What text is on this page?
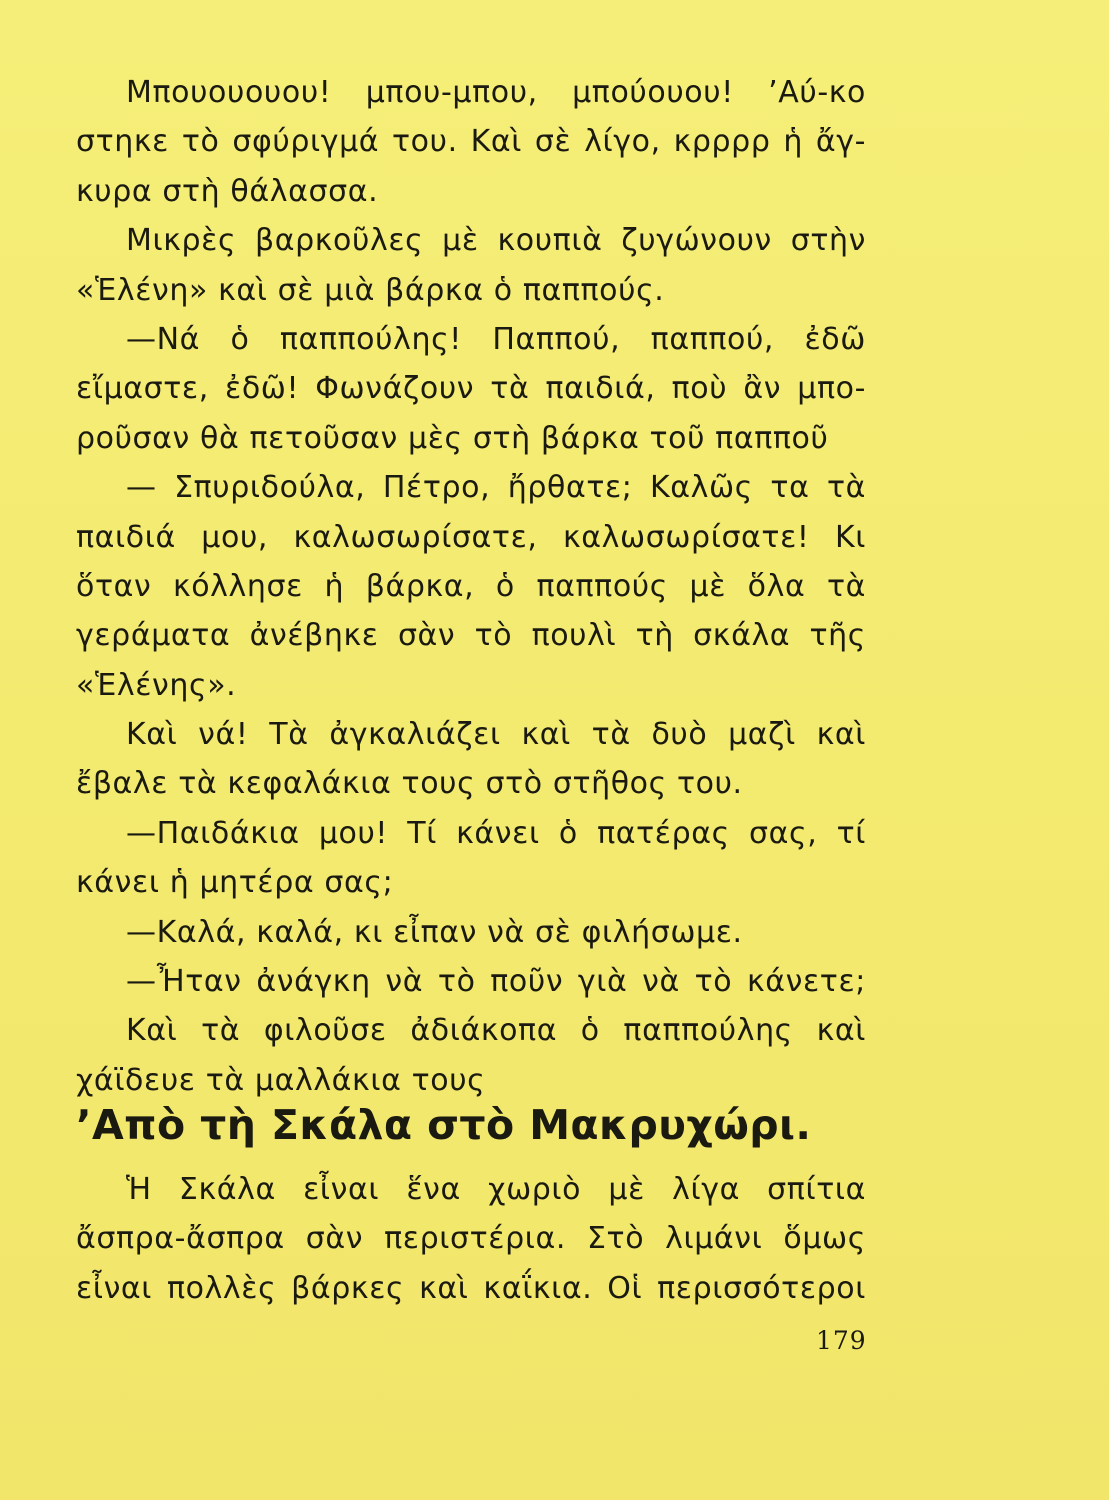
Μπουουουου! μπου-μπου, μπούουου! ’Αύ-κο
στηκε τὸ σφύριγμά του. Καὶ σὲ λίγο, κρρρρ ἡ ἄγ-
κυρα στὴ θάλασσα.
Μικρὲς βαρκοῦλες μὲ κουπιὰ ζυγώνουν στὴν
«Ἑλένη» καὶ σὲ μιὰ βάρκα ὁ παππούς.
—Νά ὁ παππούλης! Παππού, παππού, ἐδῶ
εἴμαστε, ἐδῶ! Φωνάζουν τὰ παιδιά, ποὺ ἂν μπο-
ροῦσαν θὰ πετοῦσαν μὲς στὴ βάρκα τοῦ παπποῦ
— Σπυριδούλα, Πέτρο, ἤρθατε; Καλῶς τα τὰ
παιδιά μου, καλωσωρίσατε, καλωσωρίσατε! Κι
ὅταν κόλλησε ἡ βάρκα, ὁ παππούς μὲ ὅλα τὰ
γεράματα ἀνέβηκε σὰν τὸ πουλὶ τὴ σκάλα τῆς
«Ἑλένης».
Καὶ νά! Τὰ ἀγκαλιάζει καὶ τὰ δυὸ μαζὶ καὶ
ἔβαλε τὰ κεφαλάκια τους στὸ στῆθος του.
—Παιδάκια μου! Τί κάνει ὁ πατέρας σας, τί
κάνει ἡ μητέρα σας;
—Καλά, καλά, κι εἶπαν νὰ σὲ φιλήσωμε.
—Ἦταν ἀνάγκη νὰ τὸ ποῦν γιὰ νὰ τὸ κάνετε;
Καὶ τὰ φιλοῦσε ἀδιάκοπα ὁ παππούλης καὶ
χάϊδευε τὰ μαλλάκια τους
’Απὸ τὴ Σκάλα στὸ Μακρυχώρι.
Ἡ Σκάλα εἶναι ἕνα χωριὸ μὲ λίγα σπίτια
ἄσπρα-ἄσπρα σὰν περιστέρια. Στὸ λιμάνι ὅμως
εἶναι πολλὲς βάρκες καὶ καΐκια. Οἱ περισσότεροι
179
